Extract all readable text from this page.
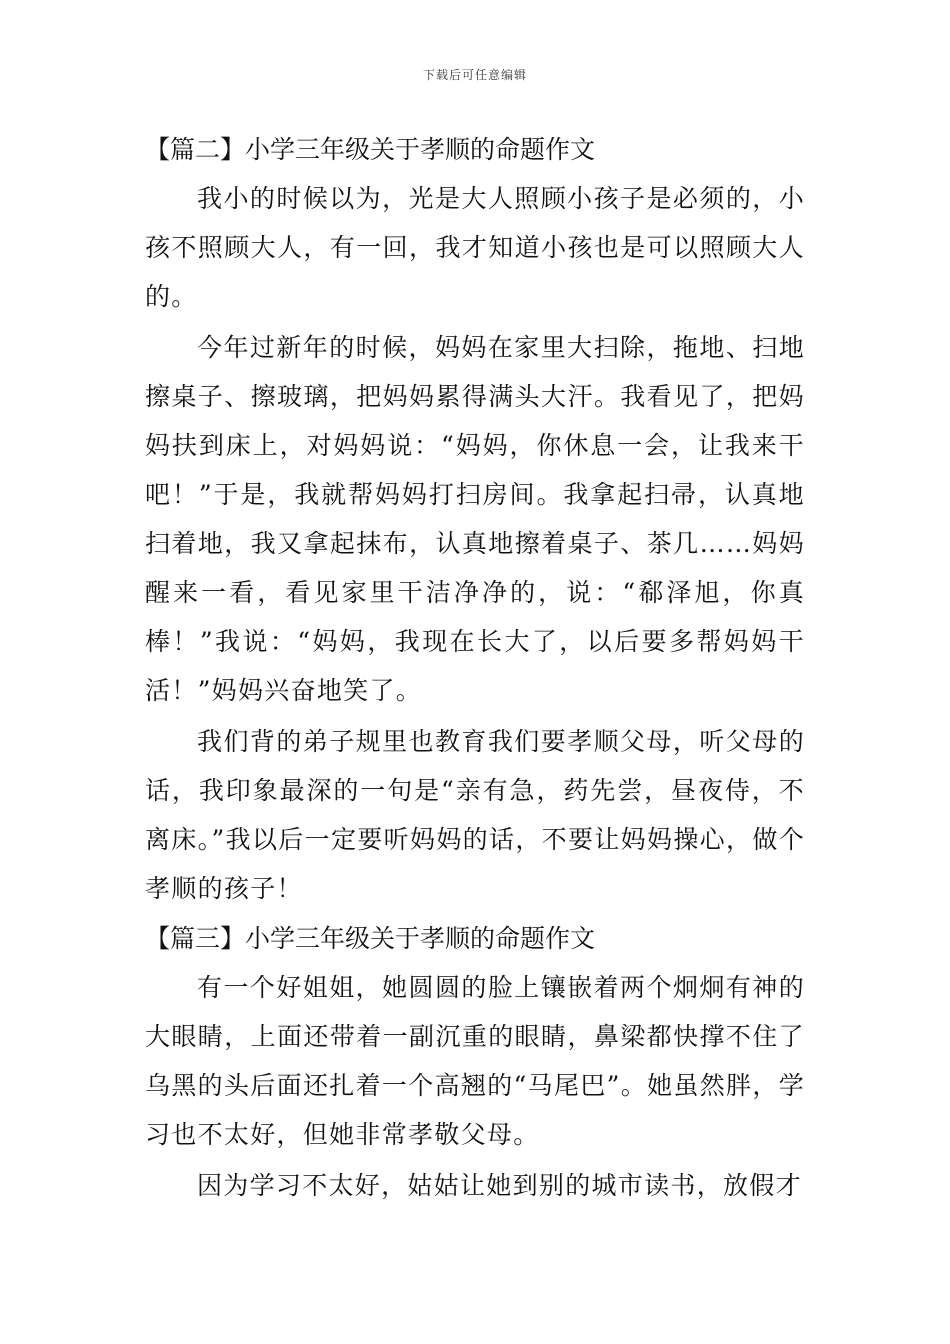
下载后可任意编辑
【篇二】小学三年级关于孝顺的命题作文

我小的时候以为，光是大人照顾小孩子是必须的，小孩不照顾大人，有一回，我才知道小孩也是可以照顾大人的。

今年过新年的时候，妈妈在家里大扫除，拖地、扫地擦桌子、擦玻璃，把妈妈累得满头大汗。我看见了，把妈妈扶到床上，对妈妈说：“妈妈，你休息一会，让我来干吧！”于是，我就帮妈妈打扫房间。我拿起扫帚，认真地扫着地，我又拿起抹布，认真地擦着桌子、茶几……妈妈醒来一看，看见家里干洁净净的，说：“郗泽旭，你真棒！”我说：“妈妈，我现在长大了，以后要多帮妈妈干活！”妈妈兴奋地笑了。

我们背的弟子规里也教育我们要孝顺父母，听父母的话，我印象最深的一句是“亲有急，药先尝，昼夜侍，不离床。”我以后一定要听妈妈的话，不要让妈妈操心，做个孝顺的孩子！

【篇三】小学三年级关于孝顺的命题作文

有一个好姐姐，她圆圆的脸上镶嵌着两个炯炯有神的大眼睛，上面还带着一副沉重的眼睛，鼻梁都快撑不住了乌黑的头后面还扎着一个高翘的“马尾巴”。她虽然胖，学习也不太好，但她非常孝敬父母。

因为学习不太好，姑姑让她到别的城市读书，放假才
